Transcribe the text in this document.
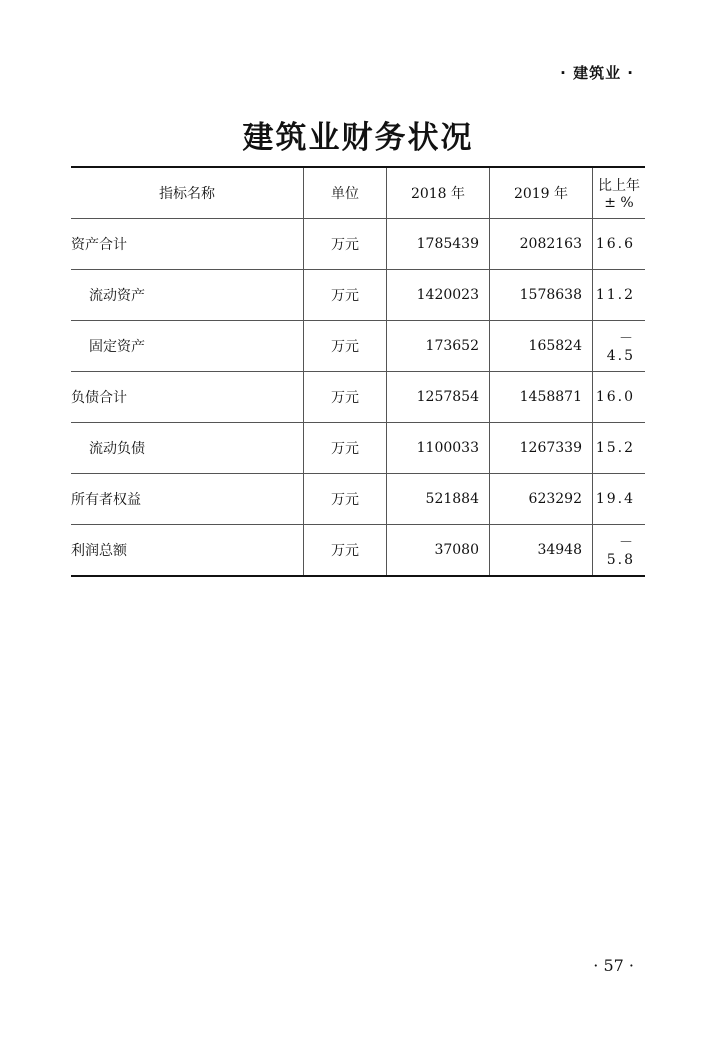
· 建筑业 ·
建筑业财务状况
指标名称	单位	2018 年	2019 年	比上年 ± %
资产合计	万元	1785439	2082163	16.6
流动资产	万元	1420023	1578638	11.2
固定资产	万元	173652	165824	－4.5
负债合计	万元	1257854	1458871	16.0
流动负债	万元	1100033	1267339	15.2
所有者权益	万元	521884	623292	19.4
利润总额	万元	37080	34948	－5.8
· 57 ·
